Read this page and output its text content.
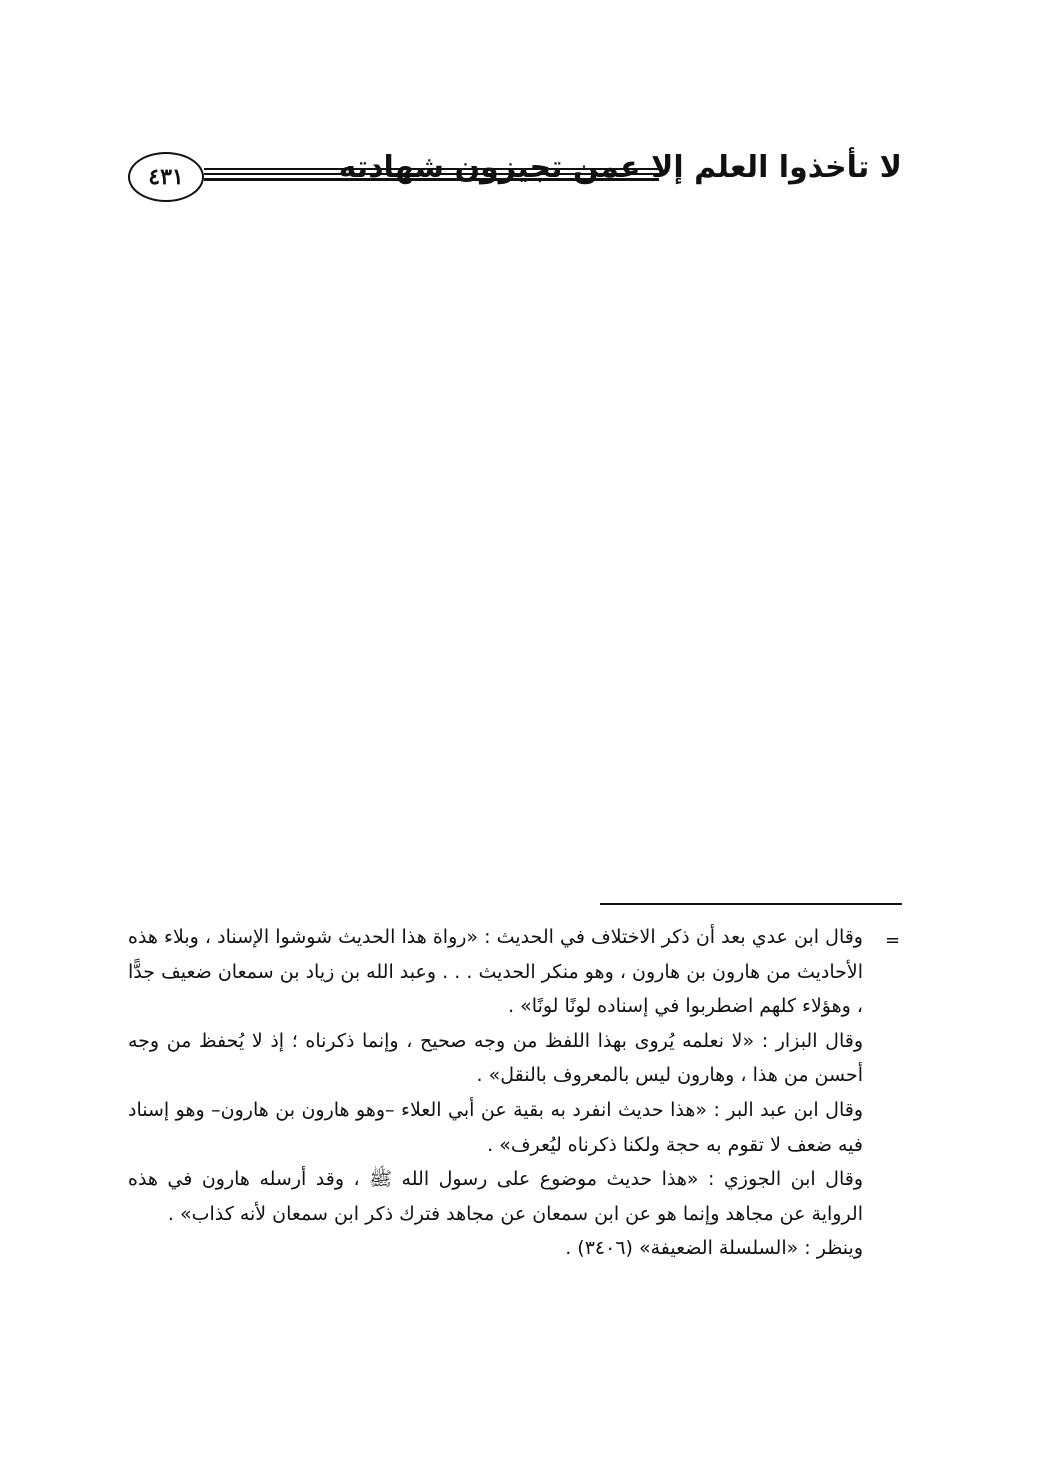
٤٣١	لا تأخذوا العلم إلا عمن تجيزون شهادته
=

وقال ابن عدي بعد أن ذكر الاختلاف في الحديث : «رواة هذا الحديث شوشوا الإسناد ، وبلاء هذه الأحاديث من هارون بن هارون ، وهو منكر الحديث . . . وعبد الله بن زياد بن سمعان ضعيف جدًّا ، وهؤلاء كلهم اضطربوا في إسناده لونًا لونًا» .

وقال البزار : «لا نعلمه يُروى بهذا اللفظ من وجه صحيح ، وإنما ذكرناه ؛ إذ لا يُحفظ من وجه أحسن من هذا ، وهارون ليس بالمعروف بالنقل» .

وقال ابن عبد البر : «هذا حديث انفرد به بقية عن أبي العلاء –وهو هارون بن هارون– وهو إسناد فيه ضعف لا تقوم به حجة ولكنا ذكرناه ليُعرف» .

وقال ابن الجوزي : «هذا حديث موضوع على رسول الله ﷺ ، وقد أرسله هارون في هذه الرواية عن مجاهد وإنما هو عن ابن سمعان عن مجاهد فترك ذكر ابن سمعان لأنه كذاب» .

وينظر : «السلسلة الضعيفة» (٣٤٠٦) .
